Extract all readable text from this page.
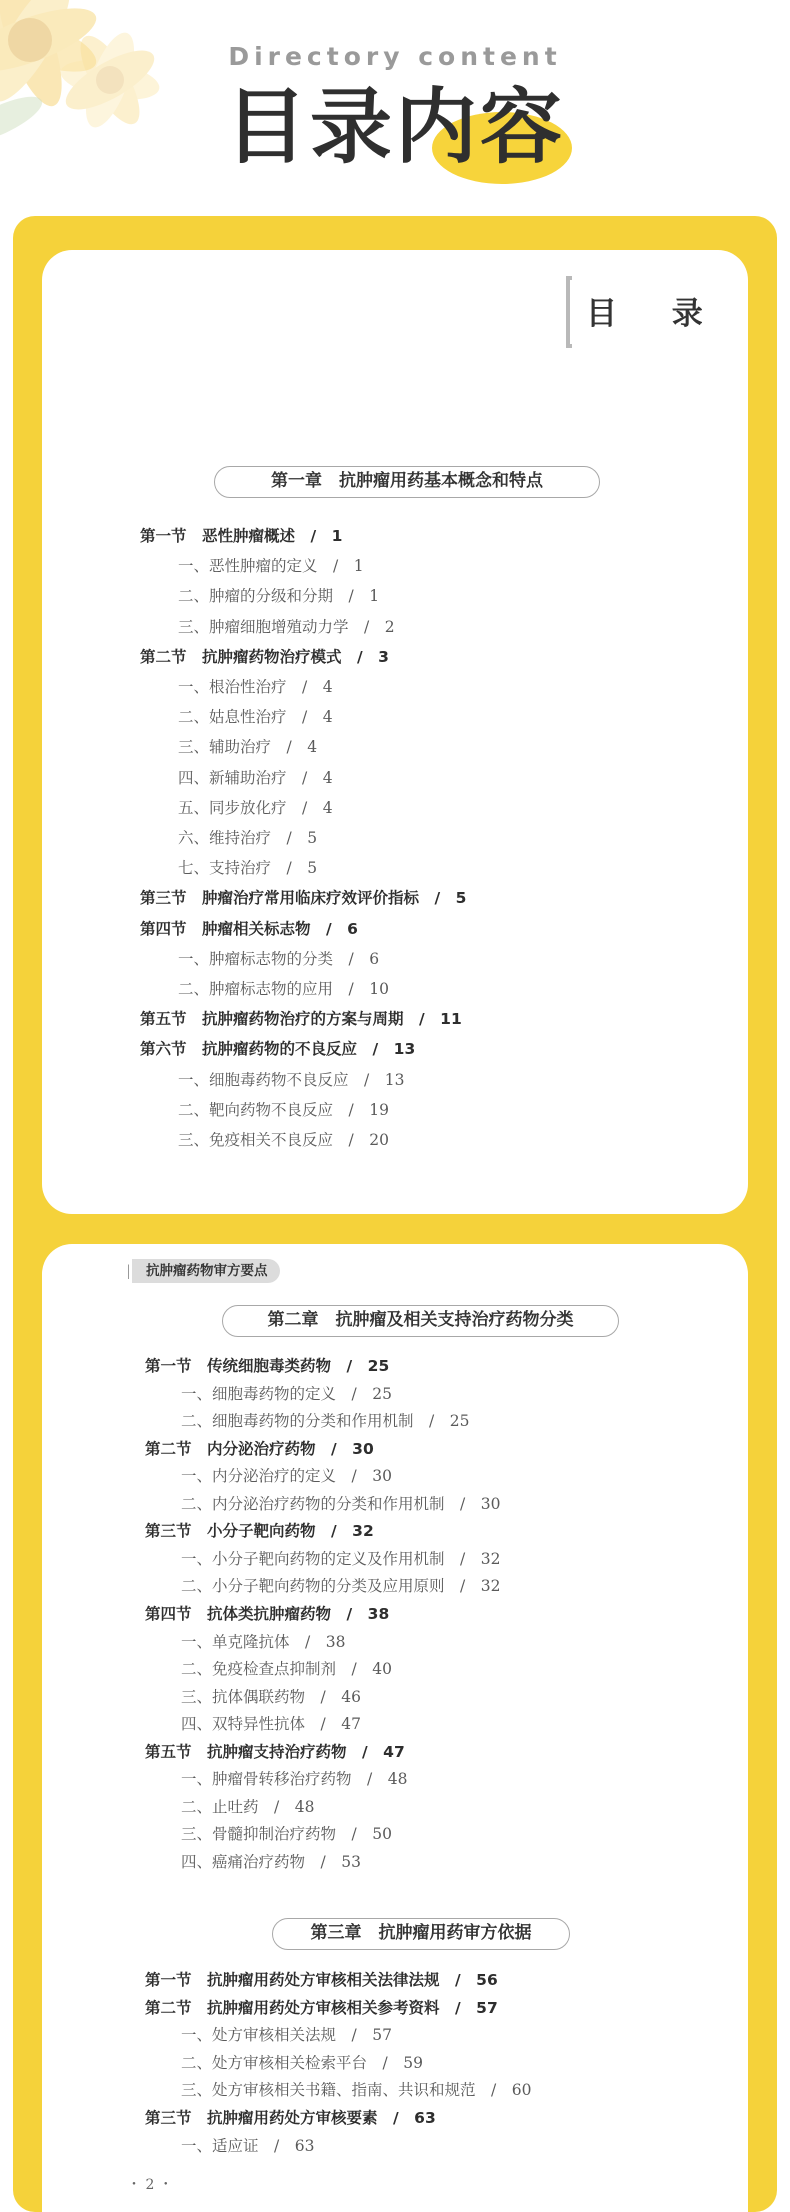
Directory content
目录内容
目 录
第一章　抗肿瘤用药基本概念和特点
第一节　恶性肿瘤概述　/　1
一、恶性肿瘤的定义　/　1
二、肿瘤的分级和分期　/　1
三、肿瘤细胞增殖动力学　/　2
第二节　抗肿瘤药物治疗模式　/　3
一、根治性治疗　/　4
二、姑息性治疗　/　4
三、辅助治疗　/　4
四、新辅助治疗　/　4
五、同步放化疗　/　4
六、维持治疗　/　5
七、支持治疗　/　5
第三节　肿瘤治疗常用临床疗效评价指标　/　5
第四节　肿瘤相关标志物　/　6
一、肿瘤标志物的分类　/　6
二、肿瘤标志物的应用　/　10
第五节　抗肿瘤药物治疗的方案与周期　/　11
第六节　抗肿瘤药物的不良反应　/　13
一、细胞毒药物不良反应　/　13
二、靶向药物不良反应　/　19
三、免疫相关不良反应　/　20
抗肿瘤药物审方要点
第二章　抗肿瘤及相关支持治疗药物分类
第一节　传统细胞毒类药物　/　25
一、细胞毒药物的定义　/　25
二、细胞毒药物的分类和作用机制　/　25
第二节　内分泌治疗药物　/　30
一、内分泌治疗的定义　/　30
二、内分泌治疗药物的分类和作用机制　/　30
第三节　小分子靶向药物　/　32
一、小分子靶向药物的定义及作用机制　/　32
二、小分子靶向药物的分类及应用原则　/　32
第四节　抗体类抗肿瘤药物　/　38
一、单克隆抗体　/　38
二、免疫检查点抑制剂　/　40
三、抗体偶联药物　/　46
四、双特异性抗体　/　47
第五节　抗肿瘤支持治疗药物　/　47
一、肿瘤骨转移治疗药物　/　48
二、止吐药　/　48
三、骨髓抑制治疗药物　/　50
四、癌痛治疗药物　/　53
第三章　抗肿瘤用药审方依据
第一节　抗肿瘤用药处方审核相关法律法规　/　56
第二节　抗肿瘤用药处方审核相关参考资料　/　57
一、处方审核相关法规　/　57
二、处方审核相关检索平台　/　59
三、处方审核相关书籍、指南、共识和规范　/　60
第三节　抗肿瘤用药处方审核要素　/　63
一、适应证　/　63
・ 2 ・
